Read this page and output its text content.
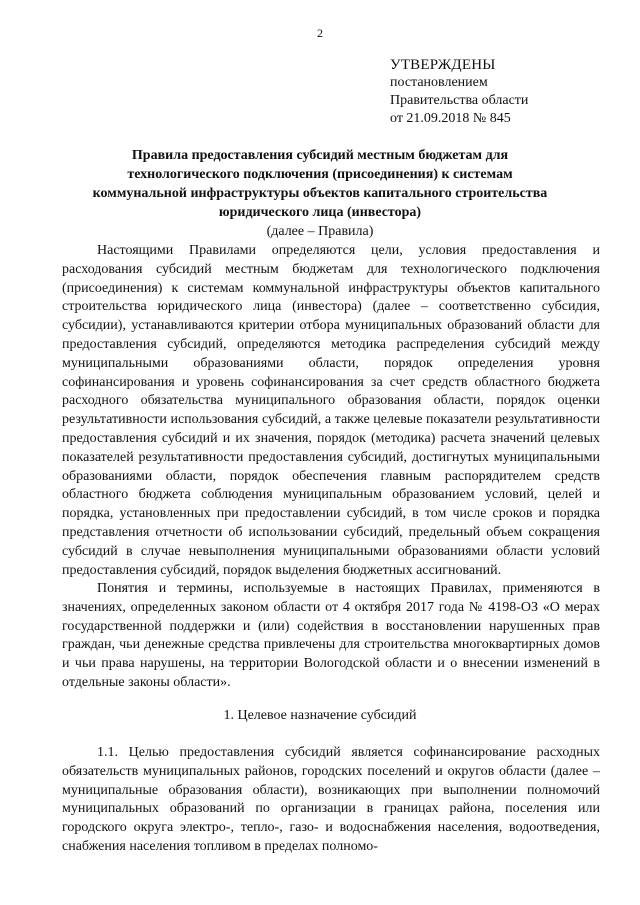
2
УТВЕРЖДЕНЫ
постановлением
Правительства области
от 21.09.2018 № 845
Правила предоставления субсидий местным бюджетам для технологического подключения (присоединения) к системам коммунальной инфраструктуры объектов капитального строительства юридического лица (инвестора)
(далее – Правила)

Настоящими Правилами определяются цели, условия предоставления и расходования субсидий местным бюджетам для технологического подключения (присоединения) к системам коммунальной инфраструктуры объектов капитального строительства юридического лица (инвестора) (далее – соответственно субсидия, субсидии), устанавливаются критерии отбора муниципальных образований области для предоставления субсидий, определяются методика распределения субсидий между муниципальными образованиями области, порядок определения уровня софинансирования и уровень софинансирования за счет средств областного бюджета расходного обязательства муниципального образования области, порядок оценки результативности использования субсидий, а также целевые показатели результативности предоставления субсидий и их значения, порядок (методика) расчета значений целевых показателей результативности предоставления субсидий, достигнутых муниципальными образованиями области, порядок обеспечения главным распорядителем средств областного бюджета соблюдения муниципальным образованием условий, целей и порядка, установленных при предоставлении субсидий, в том числе сроков и порядка представления отчетности об использовании субсидий, предельный объем сокращения субсидий в случае невыполнения муниципальными образованиями области условий предоставления субсидий, порядок выделения бюджетных ассигнований.

Понятия и термины, используемые в настоящих Правилах, применяются в значениях, определенных законом области от 4 октября 2017 года № 4198-ОЗ «О мерах государственной поддержки и (или) содействия в восстановлении нарушенных прав граждан, чьи денежные средства привлечены для строительства многоквартирных домов и чьи права нарушены, на территории Вологодской области и о внесении изменений в отдельные законы области».

1. Целевое назначение субсидий

1.1. Целью предоставления субсидий является софинансирование расходных обязательств муниципальных районов, городских поселений и округов области (далее – муниципальные образования области), возникающих при выполнении полномочий муниципальных образований по организации в границах района, поселения или городского округа электро-, тепло-, газо- и водоснабжения населения, водоотведения, снабжения населения топливом в пределах полномо-
